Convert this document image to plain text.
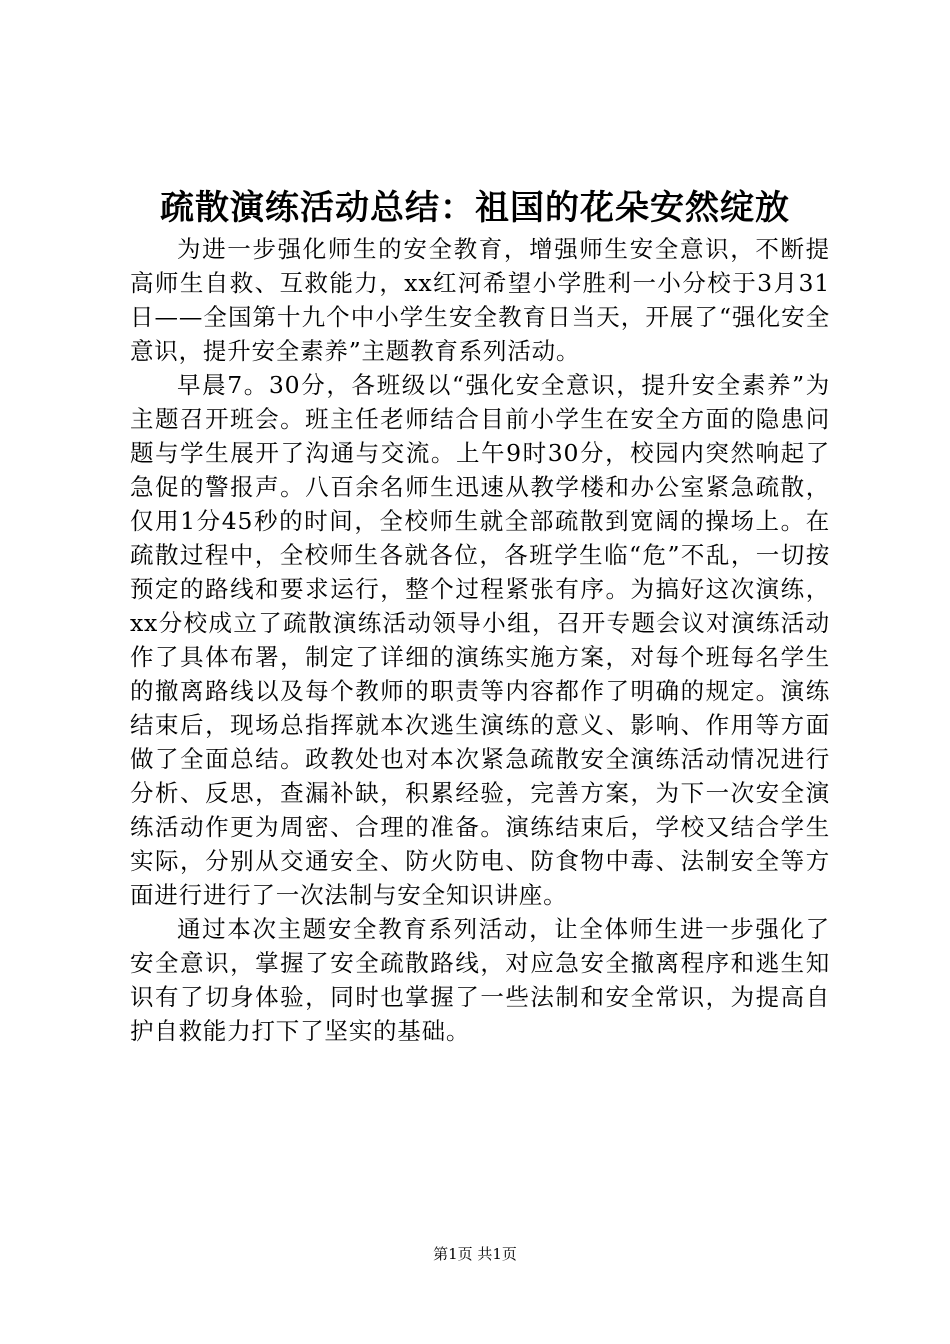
疏散演练活动总结：祖国的花朵安然绽放

为进一步强化师生的安全教育，增强师生安全意识，不断提高师生自救、互救能力，xx红河希望小学胜利一小分校于3月31日——全国第十九个中小学生安全教育日当天，开展了“强化安全意识，提升安全素养”主题教育系列活动。

早晨7。30分，各班级以“强化安全意识，提升安全素养”为主题召开班会。班主任老师结合目前小学生在安全方面的隐患问题与学生展开了沟通与交流。上午9时30分，校园内突然响起了急促的警报声。八百余名师生迅速从教学楼和办公室紧急疏散，仅用1分45秒的时间，全校师生就全部疏散到宽阔的操场上。在疏散过程中，全校师生各就各位，各班学生临“危”不乱，一切按预定的路线和要求运行，整个过程紧张有序。为搞好这次演练，xx分校成立了疏散演练活动领导小组，召开专题会议对演练活动作了具体布署，制定了详细的演练实施方案，对每个班每名学生的撤离路线以及每个教师的职责等内容都作了明确的规定。演练结束后，现场总指挥就本次逃生演练的意义、影响、作用等方面做了全面总结。政教处也对本次紧急疏散安全演练活动情况进行分析、反思，查漏补缺，积累经验，完善方案，为下一次安全演练活动作更为周密、合理的准备。演练结束后，学校又结合学生实际，分别从交通安全、防火防电、防食物中毒、法制安全等方面进行进行了一次法制与安全知识讲座。

通过本次主题安全教育系列活动，让全体师生进一步强化了安全意识，掌握了安全疏散路线，对应急安全撤离程序和逃生知识有了切身体验，同时也掌握了一些法制和安全常识，为提高自护自救能力打下了坚实的基础。

第1页 共1页
